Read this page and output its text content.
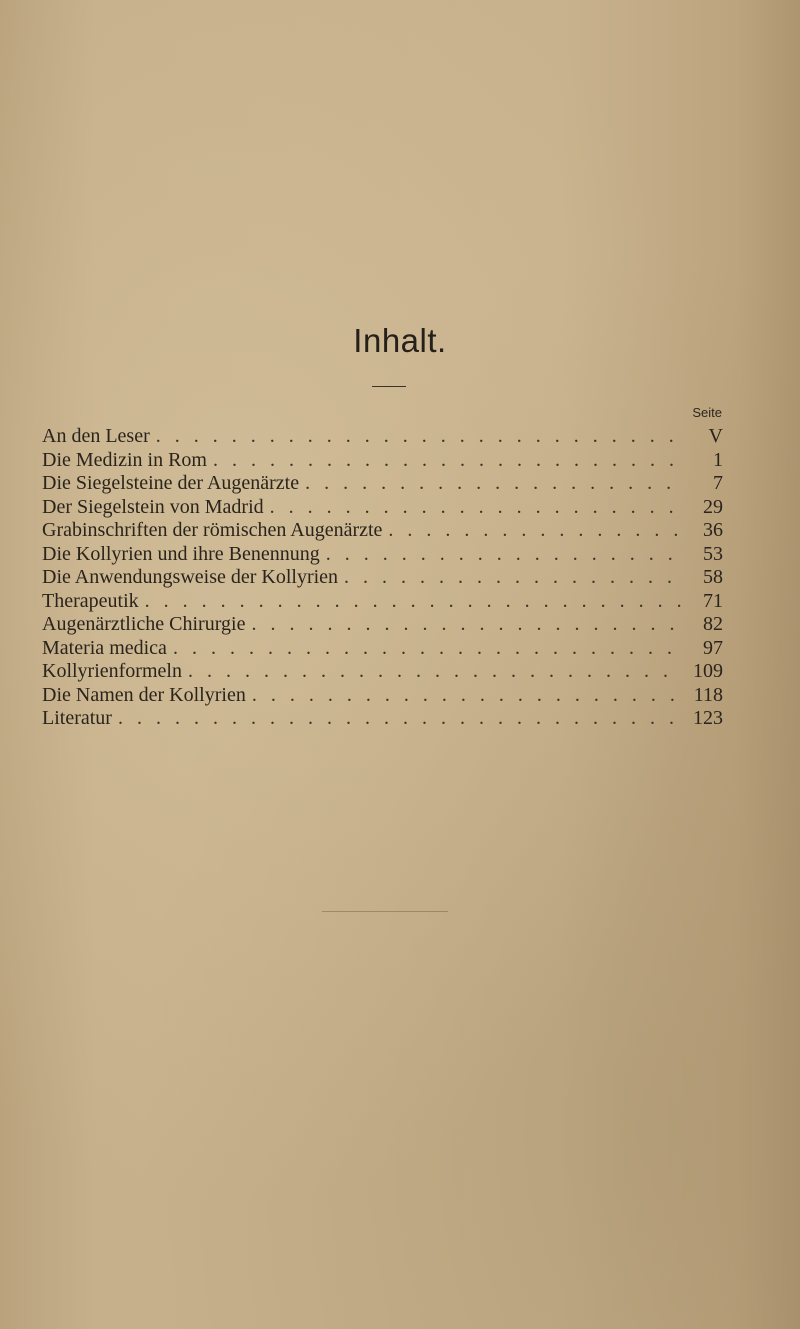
Inhalt.
Seite
An den Leser . . .	V
Die Medizin in Rom . . .	1
Die Siegelsteine der Augenärzte . . .	7
Der Siegelstein von Madrid . . .	29
Grabinschriften der römischen Augenärzte . . .	36
Die Kollyrien und ihre Benennung . . .	53
Die Anwendungsweise der Kollyrien . . .	58
Therapeutik . . .	71
Augenärztliche Chirurgie . . .	82
Materia medica . . .	97
Kollyrienformeln . . .	109
Die Namen der Kollyrien . . .	118
Literatur . . .	123
